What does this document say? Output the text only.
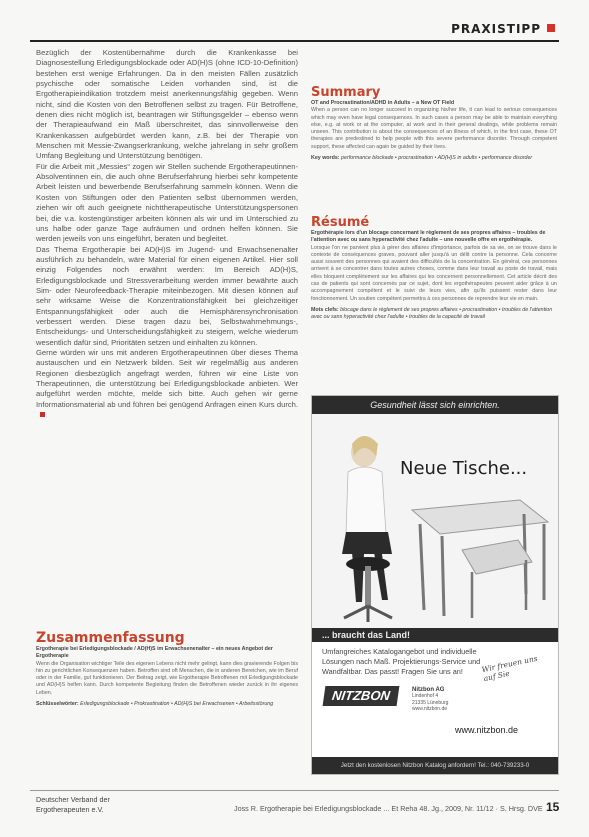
PRAXISTIPP

Bezüglich der Kostenübernahme durch die Krankenkasse bei Diagnosestellung Erledigungsblockade oder AD(H)S (ohne ICD-10-Definition) bestehen erst wenige Erfahrungen. Da in den meisten Fällen zusätzlich psychische oder somatische Leiden vorhanden sind, ist die Ergotherapieindikation trotzdem meist anerkennungsfähig gegeben. Wenn nicht, sind die Kosten von den Betroffenen selbst zu tragen. Für Betroffene, denen dies nicht möglich ist, beantragen wir Stiftungsgelder – ebenso wenn der Therapieaufwand ein Maß überschreitet, das sinnvollerweise den Krankenkassen aufgebürdet werden kann, z.B. bei der Therapie von Menschen mit Messie-Zwangserkrankung, welche jahrelang in sehr großem Umfang Begleitung und Unterstützung benötigen.

Für die Arbeit mit „Messies“ zogen wir Stellen suchende Ergotherapeutinnen-Absolventinnen ein, die auch ohne Berufserfahrung hierbei sehr kompetente Arbeit leisten und bewerbende Berufserfahrung sammeln können. Wenn die Kosten von Stiftungen oder den Patienten selbst übernommen werden, ziehen wir oft auch geeignete nichttherapeutische Unterstützungspersonen bei, die v.a. kostengünstiger arbeiten können als wir und im Unterschied zu uns halbe oder ganze Tage aufräumen und ordnen helfen können. Sie werden jeweils von uns eingeführt, beraten und begleitet.

Das Thema Ergotherapie bei AD(H)S im Jugend- und Erwachsenenalter ausführlich zu behandeln, wäre Material für einen eigenen Artikel. Hier soll einzig Folgendes noch erwähnt werden: Im Bereich AD(H)S, Erledigungsblockade und Stressverarbeitung werden immer bewährte auch Sim- oder Neurofeedback-Therapie miteinbezogen. Mit diesen können auf sehr wirksame Weise die Konzentrationsfähigkeit bei gleichzeitiger Entspannungsfähigkeit oder auch die Hemisphärensynchronisation verbessert werden. Diese tragen dazu bei, Selbstwahrnehmungs-, Entscheidungs- und Unterscheidungsfähigkeit zu steigern, welche wiederum wesentlich dafür sind, Prioritäten setzen und einhalten zu können.

Gerne würden wir uns mit anderen Ergotherapeutinnen über dieses Thema austauschen und ein Netzwerk bilden. Seit wir regelmäßig aus anderen Regionen diesbezüglich angefragt werden, führen wir eine Liste von Therapeutinnen, die unterstützung bei Erledigungsblockade anbieten. Wer aufgeführt werden möchte, melde sich bitte. Auch gehen wir gerne Informationsmaterial ab und führen bei genügend Anfragen einen Kurs durch.

Summary
OT and Procrastination/ADHD in Adults – a New OT Field
When a person can no longer succeed in organizing his/her life, it can lead to serious consequences which may even have legal consequences. In such cases a person may be able to maintain everything else, e.g. at work or at the computer, at work and in their general dealings, while problems remain unseen. This contribution is about the consequences of an illness of which, in the first case, these OT therapies are predestined to help people with this severe performance disorder. Through competent support, these affected can again be guided by their lives.
Key words: performance blockade • procrastination • AD(H)S in adults • performance disorder
Résumé
Ergothérapie lors d'un blocage concernant le règlement de ses propres affaires – troubles de l'attention avec ou sans hyperactivité chez l'adulte – une nouvelle offre en ergothérapie.
Lorsque l'on ne parvient plus à gérer des affaires d'importance, parfois de sa vie, on se trouve dans le contexte de conséquences graves, pouvant aller jusqu'à un délit contre la personne. Cela concerne aussi souvent des personnes qui avaient des difficultés de la concentration. En général, ces personnes arrivent à se concentrer dans toutes autres choses, comme dans leur travail au poste de travail, mais elles bloquent complètement sur les affaires qui les concernent personnellement. Cet article décrit des cas de patients qui sont concernés par ce sujet, dont les ergothérapeutes peuvent aider grâce à un accompagnement compétent et le suivi de leurs vies, afin qu'ils puissent rester dans leur fonctionnement. Un soutien compétent permettra à ces personnes de reprendre leur vie en main.
Mots clefs: blocage dans le règlement de ses propres affaires • procrastination • troubles de l'attention avec ou sans hyperactivité chez l'adulte • troubles de la capacité de travail
Zusammenfassung
Ergotherapie bei Erledigungsblockade / AD(H)S im Erwachsenenalter – ein neues Angebot der Ergotherapie
Wenn die Organisation wichtiger Teile des eigenen Lebens nicht mehr gelingt, kann dies gravierende Folgen bis hin zu gerichtlichen Konsequenzen haben. Betroffen sind oft Menschen, die in anderen Bereichen, wie im Beruf oder in der Familie, gut funktionieren. Der Beitrag zeigt, wie Ergotherapie Betroffenen mit Erledigungsblockade und AD(H)S helfen kann. Durch kompetente Begleitung finden die Betroffenen wieder zurück in ihr eigenes Leben.
Schlüsselwörter: Erledigungsblockade • Prokrastination • AD(H)S bei Erwachsenen • Arbeitsstörung
Gesundheit lässt sich einrichten.
Neue Tische...
... braucht das Land!
Umfangreiches Katalogangebot und individuelle Lösungen nach Maß. Projektierungs-Service und Wandfaltbar. Das passt! Fragen Sie uns an!	Wir freuen uns auf Sie
NITZBON	Nitzbon AG
Lindenhof 4
21335 Lüneburg
www.nitzbon.de
www.nitzbon.de
Jetzt den kostenlosen Nitzbon Katalog anfordern! Tel.: 040-739233-0
Deutscher Verband der
Ergotherapeuten e.V.	Joss R. Ergotherapie bei Erledigungsblockade ... Et Reha 48. Jg., 2009, Nr. 11/12 · S. Hrsg. DVE 15
